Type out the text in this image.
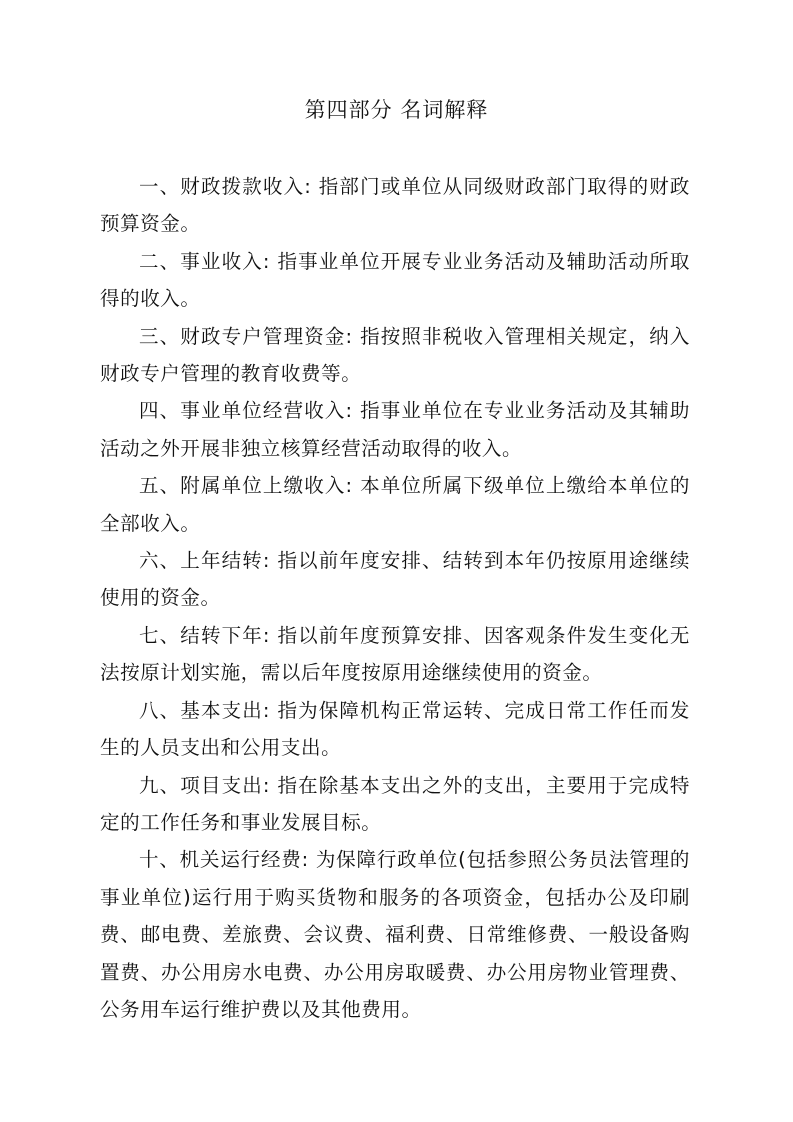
第四部分 名词解释
一、财政拨款收入: 指部门或单位从同级财政部门取得的财政预算资金。
二、事业收入: 指事业单位开展专业业务活动及辅助活动所取得的收入。
三、财政专户管理资金: 指按照非税收入管理相关规定，纳入财政专户管理的教育收费等。
四、事业单位经营收入: 指事业单位在专业业务活动及其辅助活动之外开展非独立核算经营活动取得的收入。
五、附属单位上缴收入: 本单位所属下级单位上缴给本单位的全部收入。
六、上年结转: 指以前年度安排、结转到本年仍按原用途继续使用的资金。
七、结转下年: 指以前年度预算安排、因客观条件发生变化无法按原计划实施，需以后年度按原用途继续使用的资金。
八、基本支出: 指为保障机构正常运转、完成日常工作任而发生的人员支出和公用支出。
九、项目支出: 指在除基本支出之外的支出，主要用于完成特定的工作任务和事业发展目标。
十、机关运行经费: 为保障行政单位(包括参照公务员法管理的事业单位)运行用于购买货物和服务的各项资金，包括办公及印刷费、邮电费、差旅费、会议费、福利费、日常维修费、一般设备购置费、办公用房水电费、办公用房取暖费、办公用房物业管理费、公务用车运行维护费以及其他费用。
